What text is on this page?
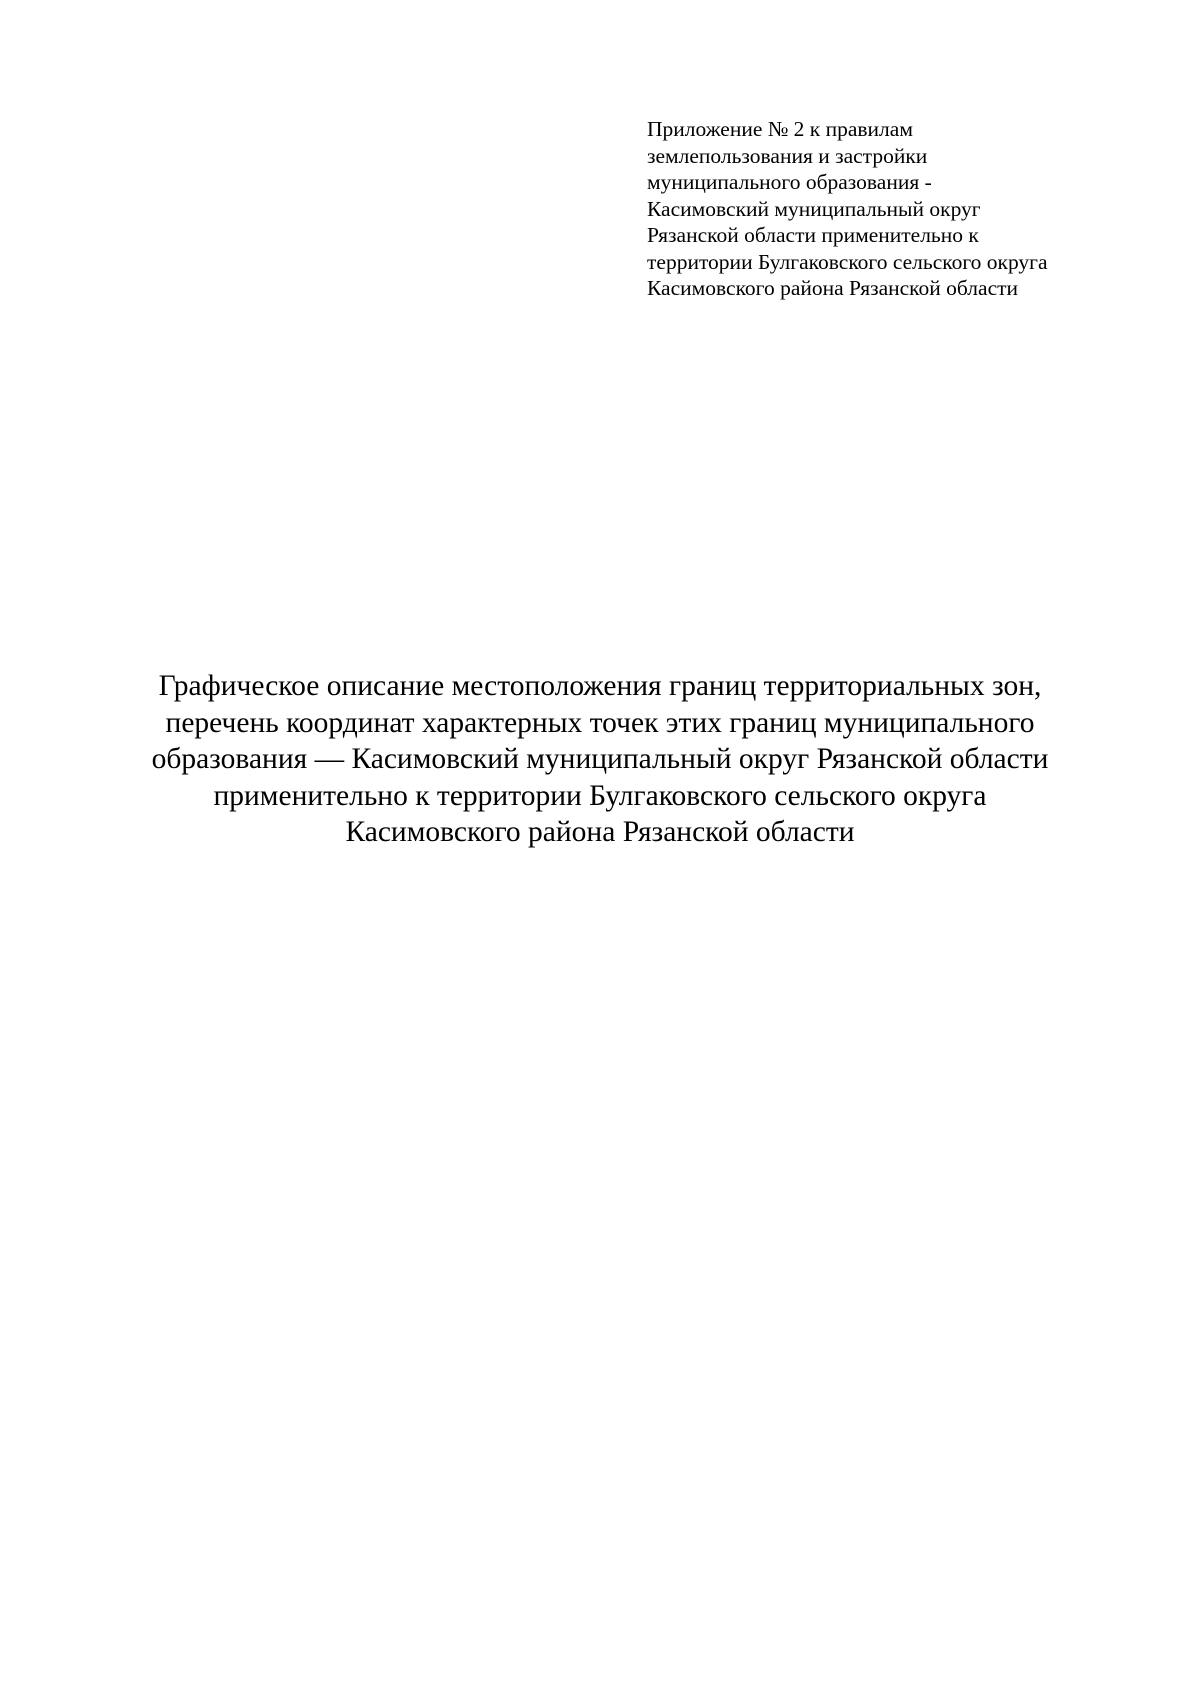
Приложение № 2 к правилам
землепользования и застройки
муниципального образования -
Касимовский муниципальный округ
Рязанской области применительно к
территории Булгаковского сельского округа
Касимовского района Рязанской области
Графическое описание местоположения границ территориальных зон,
перечень координат характерных точек этих границ муниципального
образования — Касимовский муниципальный округ Рязанской области
применительно к территории Булгаковского сельского округа
Касимовского района Рязанской области
